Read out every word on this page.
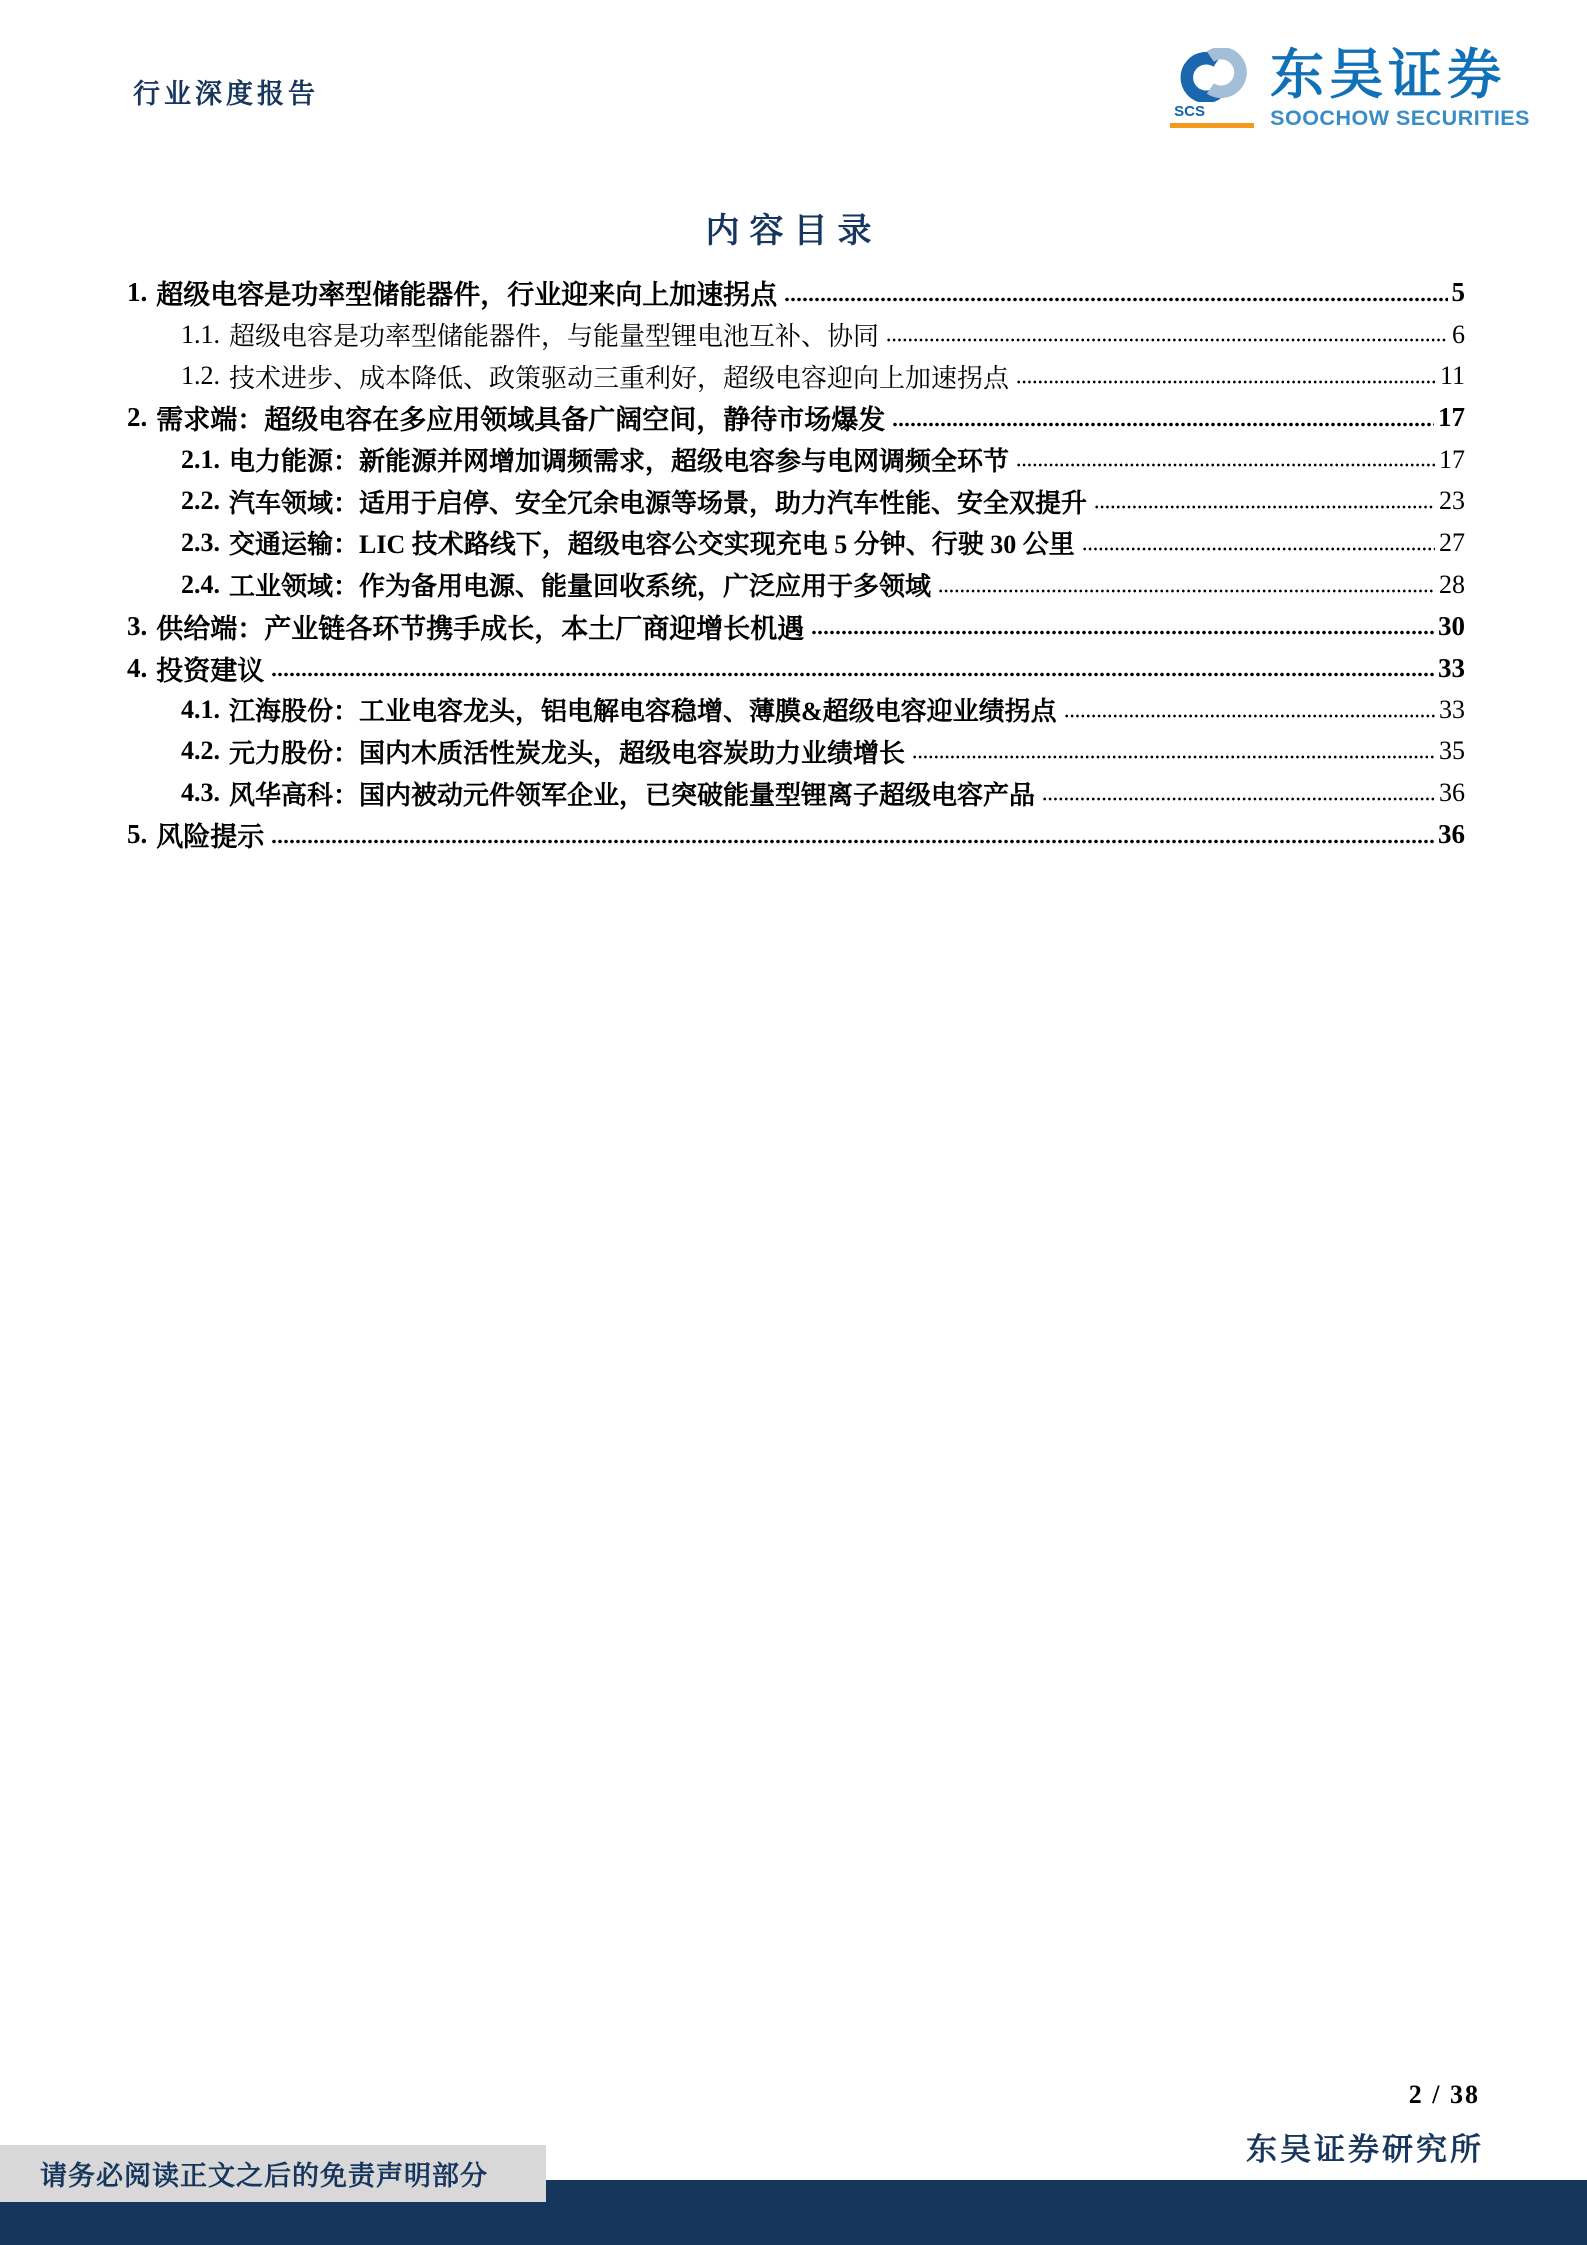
行业深度报告
SCS
东吴证券
SOOCHOW SECURITIES
内容目录
1. 超级电容是功率型储能器件，行业迎来向上加速拐点	5
1.1. 超级电容是功率型储能器件，与能量型锂电池互补、协同	6
1.2. 技术进步、成本降低、政策驱动三重利好，超级电容迎向上加速拐点	11
2. 需求端：超级电容在多应用领域具备广阔空间，静待市场爆发	17
2.1. 电力能源：新能源并网增加调频需求，超级电容参与电网调频全环节	17
2.2. 汽车领域：适用于启停、安全冗余电源等场景，助力汽车性能、安全双提升	23
2.3. 交通运输：LIC 技术路线下，超级电容公交实现充电 5 分钟、行驶 30 公里	27
2.4. 工业领域：作为备用电源、能量回收系统，广泛应用于多领域	28
3. 供给端：产业链各环节携手成长，本土厂商迎增长机遇	30
4. 投资建议	33
4.1. 江海股份：工业电容龙头，铝电解电容稳增、薄膜&超级电容迎业绩拐点	33
4.2. 元力股份：国内木质活性炭龙头，超级电容炭助力业绩增长	35
4.3. 风华高科：国内被动元件领军企业，已突破能量型锂离子超级电容产品	36
5. 风险提示	36
2 / 38
东吴证券研究所
请务必阅读正文之后的免责声明部分
